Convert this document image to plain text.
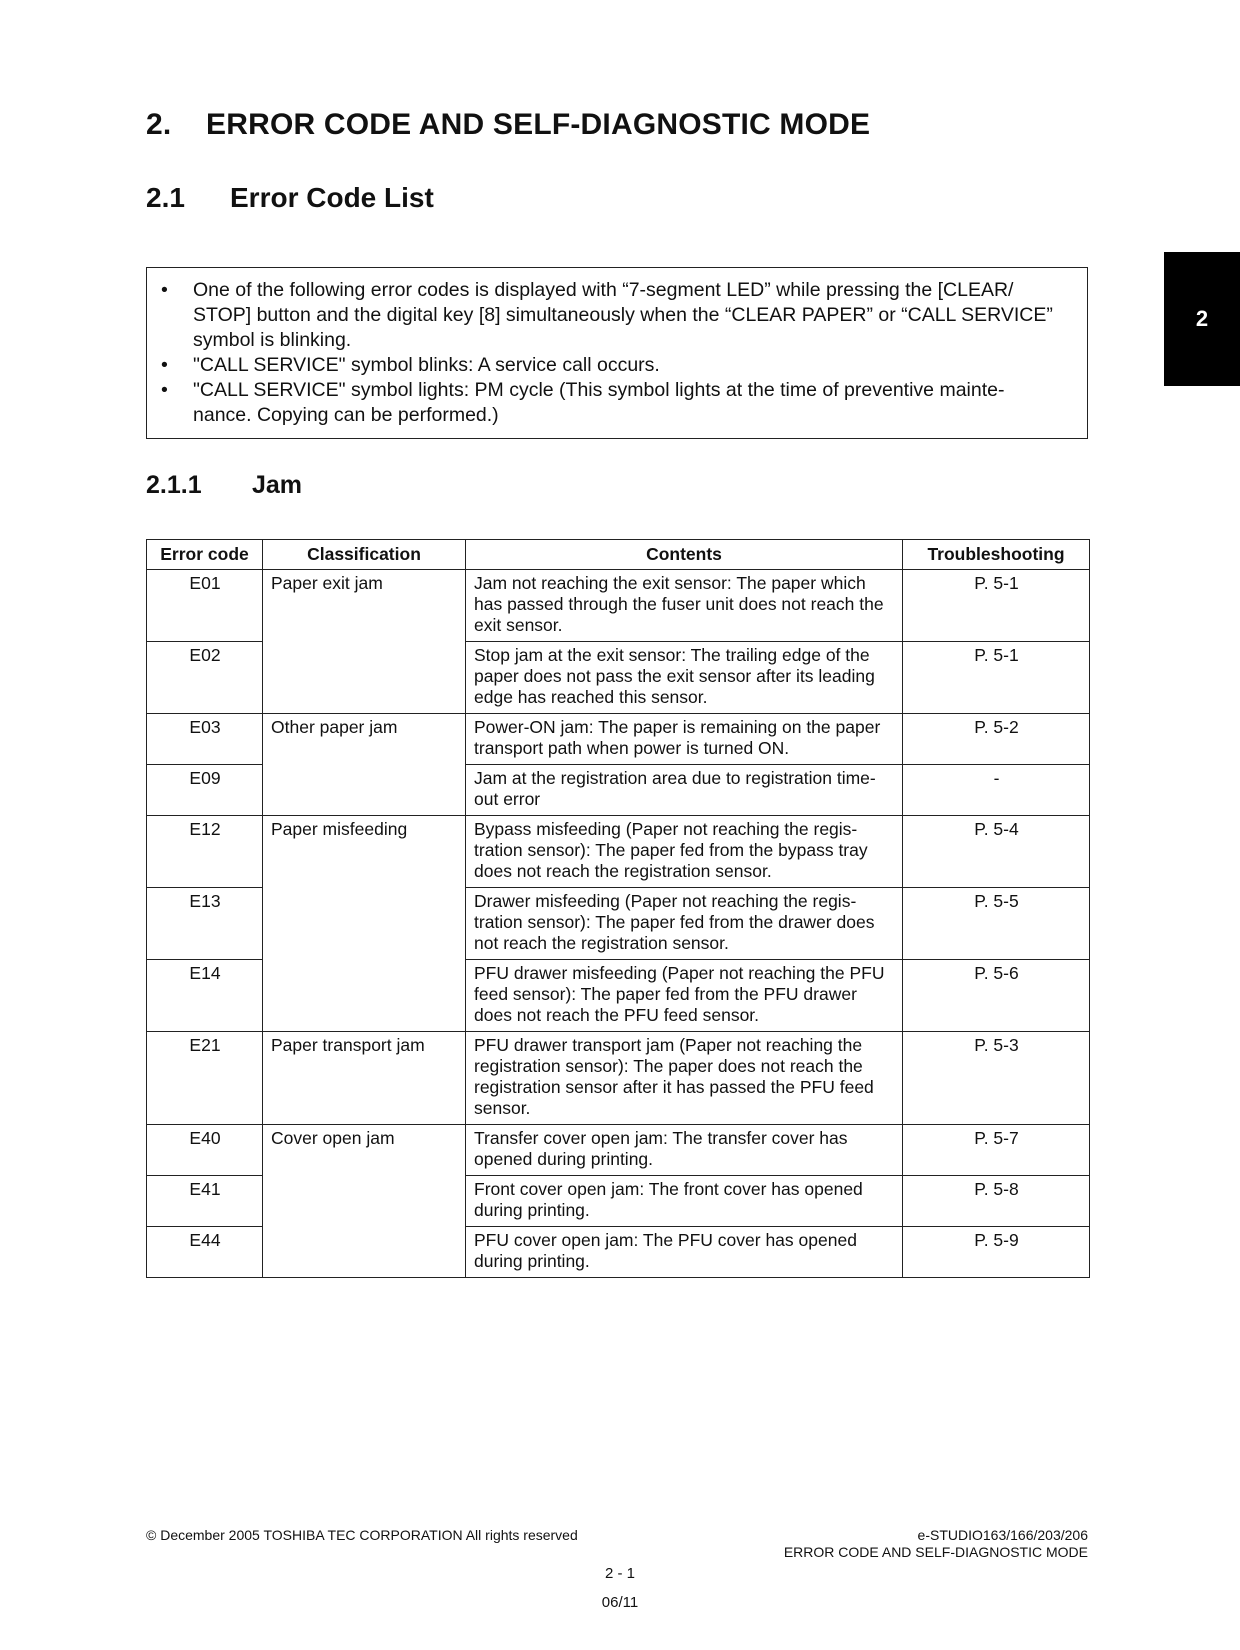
2. ERROR CODE AND SELF-DIAGNOSTIC MODE
2.1 Error Code List
2
• One of the following error codes is displayed with “7-segment LED” while pressing the [CLEAR/ STOP] button and the digital key [8] simultaneously when the “CLEAR PAPER” or “CALL SERVICE” symbol is blinking.
• "CALL SERVICE" symbol blinks: A service call occurs.
• "CALL SERVICE" symbol lights: PM cycle (This symbol lights at the time of preventive mainte- nance. Copying can be performed.)
2.1.1 Jam
Error code	Classification	Contents	Troubleshooting
E01	Paper exit jam	Jam not reaching the exit sensor: The paper which has passed through the fuser unit does not reach the exit sensor.	P. 5-1
E02		Stop jam at the exit sensor: The trailing edge of the paper does not pass the exit sensor after its leading edge has reached this sensor.	P. 5-1
E03	Other paper jam	Power-ON jam: The paper is remaining on the paper transport path when power is turned ON.	P. 5-2
E09		Jam at the registration area due to registration time-out error	-
E12	Paper misfeeding	Bypass misfeeding (Paper not reaching the regis-tration sensor): The paper fed from the bypass tray does not reach the registration sensor.	P. 5-4
E13		Drawer misfeeding (Paper not reaching the regis-tration sensor): The paper fed from the drawer does not reach the registration sensor.	P. 5-5
E14		PFU drawer misfeeding (Paper not reaching the PFU feed sensor): The paper fed from the PFU drawer does not reach the PFU feed sensor.	P. 5-6
E21	Paper transport jam	PFU drawer transport jam (Paper not reaching the registration sensor): The paper does not reach the registration sensor after it has passed the PFU feed sensor.	P. 5-3
E40	Cover open jam	Transfer cover open jam: The transfer cover has opened during printing.	P. 5-7
E41		Front cover open jam: The front cover has opened during printing.	P. 5-8
E44		PFU cover open jam: The PFU cover has opened during printing.	P. 5-9
© December 2005 TOSHIBA TEC CORPORATION All rights reserved	e-STUDIO163/166/203/206
ERROR CODE AND SELF-DIAGNOSTIC MODE
2 - 1
06/11
